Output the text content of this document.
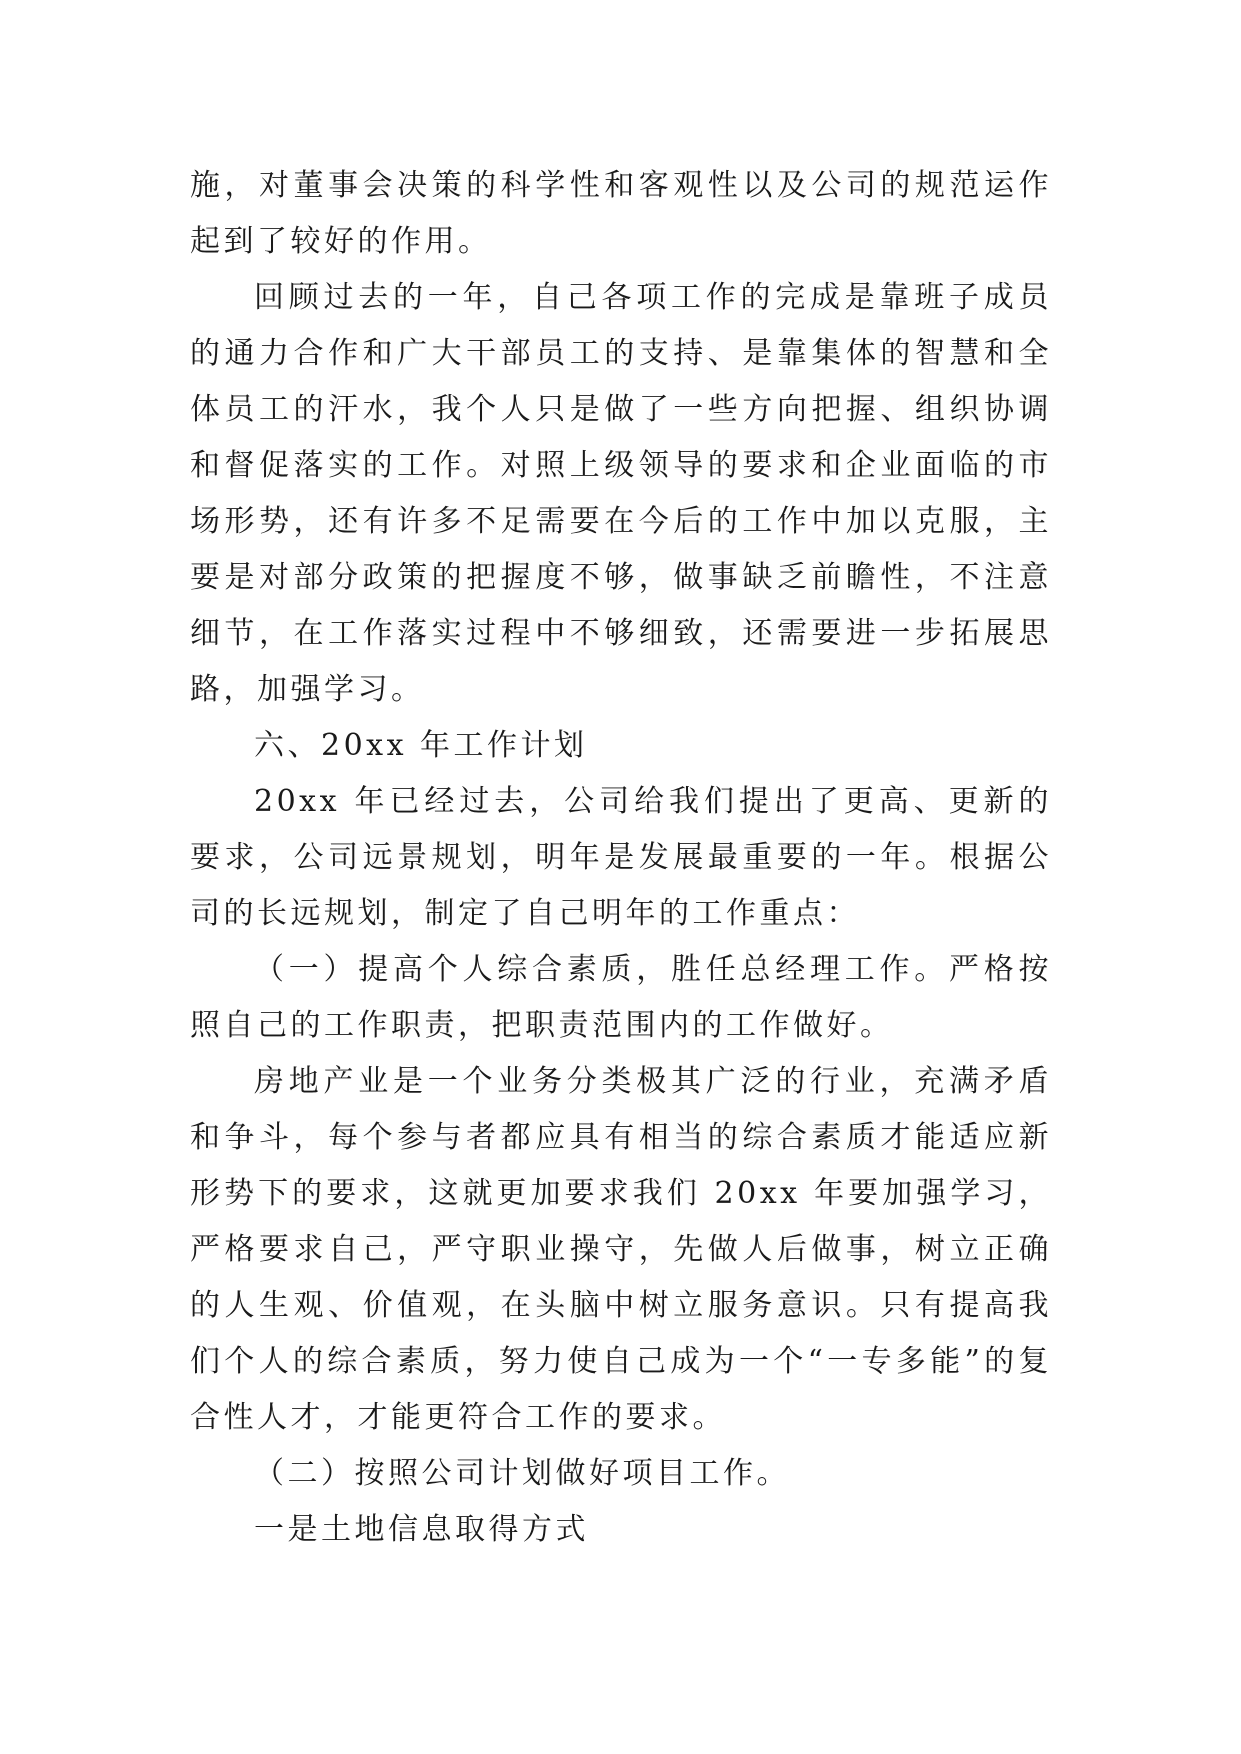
施，对董事会决策的科学性和客观性以及公司的规范运作起到了较好的作用。

回顾过去的一年，自己各项工作的完成是靠班子成员的通力合作和广大干部员工的支持、是靠集体的智慧和全体员工的汗水，我个人只是做了一些方向把握、组织协调和督促落实的工作。对照上级领导的要求和企业面临的市场形势，还有许多不足需要在今后的工作中加以克服，主要是对部分政策的把握度不够，做事缺乏前瞻性，不注意细节，在工作落实过程中不够细致，还需要进一步拓展思路，加强学习。

六、20xx 年工作计划

20xx 年已经过去，公司给我们提出了更高、更新的要求，公司远景规划，明年是发展最重要的一年。根据公司的长远规划，制定了自己明年的工作重点：

（一）提高个人综合素质，胜任总经理工作。严格按照自己的工作职责，把职责范围内的工作做好。

房地产业是一个业务分类极其广泛的行业，充满矛盾和争斗，每个参与者都应具有相当的综合素质才能适应新形势下的要求，这就更加要求我们 20xx 年要加强学习，严格要求自己，严守职业操守，先做人后做事，树立正确的人生观、价值观，在头脑中树立服务意识。只有提高我们个人的综合素质，努力使自己成为一个“一专多能”的复合性人才，才能更符合工作的要求。

（二）按照公司计划做好项目工作。

一是土地信息取得方式
